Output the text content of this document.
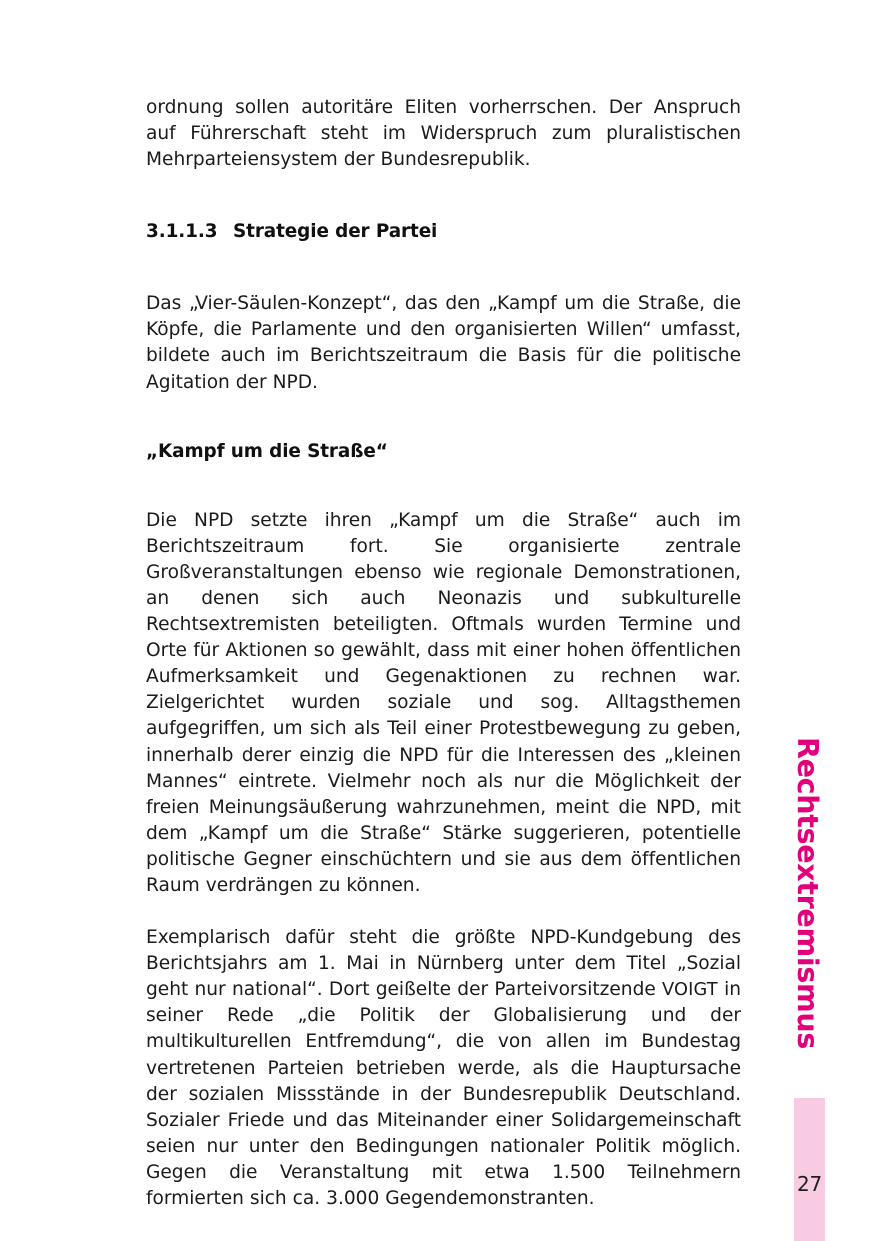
ordnung sollen autoritäre Eliten vorherrschen. Der Anspruch auf Führerschaft steht im Widerspruch zum pluralistischen Mehrparteiensystem der Bundesrepublik.

3.1.1.3 Strategie der Partei

Das „Vier-Säulen-Konzept“, das den „Kampf um die Straße, die Köpfe, die Parlamente und den organisierten Willen“ umfasst, bildete auch im Berichtszeitraum die Basis für die politische Agitation der NPD.

„Kampf um die Straße“

Die NPD setzte ihren „Kampf um die Straße“ auch im Berichtszeitraum fort. Sie organisierte zentrale Großveranstaltungen ebenso wie regionale Demonstrationen, an denen sich auch Neonazis und subkulturelle Rechtsextremisten beteiligten. Oftmals wurden Termine und Orte für Aktionen so gewählt, dass mit einer hohen öffentlichen Aufmerksamkeit und Gegenaktionen zu rechnen war. Zielgerichtet wurden soziale und sog. Alltagsthemen aufgegriffen, um sich als Teil einer Protestbewegung zu geben, innerhalb derer einzig die NPD für die Interessen des „kleinen Mannes“ eintrete. Vielmehr noch als nur die Möglichkeit der freien Meinungsäußerung wahrzunehmen, meint die NPD, mit dem „Kampf um die Straße“ Stärke suggerieren, potentielle politische Gegner einschüchtern und sie aus dem öffentlichen Raum verdrängen zu können.

Exemplarisch dafür steht die größte NPD-Kundgebung des Berichtsjahrs am 1. Mai in Nürnberg unter dem Titel „Sozial geht nur national“. Dort geißelte der Parteivorsitzende VOIGT in seiner Rede „die Politik der Globalisierung und der multikulturellen Entfremdung“, die von allen im Bundestag vertretenen Parteien betrieben werde, als die Hauptursache der sozialen Missstände in der Bundesrepublik Deutschland. Sozialer Friede und das Miteinander einer Solidargemeinschaft seien nur unter den Bedingungen nationaler Politik möglich. Gegen die Veranstaltung mit etwa 1.500 Teilnehmern formierten sich ca. 3.000 Gegendemonstranten.

Rechtsextremismus
27
